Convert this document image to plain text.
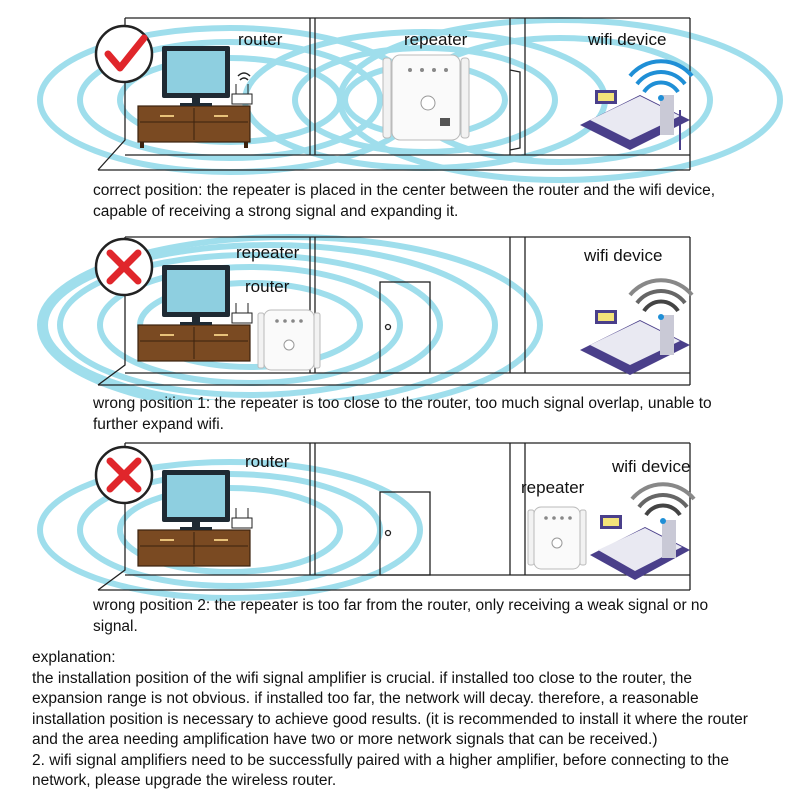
router	repeater	wifi device
correct position: the repeater is placed in the center between the router and the wifi device, capable of receiving a strong signal and expanding it.
repeater
router
wifi device
wrong position 1: the repeater is too close to the router, too much signal overlap, unable to further expand wifi.
router	wifi device
repeater
wrong position 2: the repeater is too far from the router, only receiving a weak signal or no signal.
explanation:
the installation position of the wifi signal amplifier is crucial. if installed too close to the router, the
expansion range is not obvious. if installed too far, the network will decay. therefore, a reasonable
installation position is necessary to achieve good results. (it is recommended to install it where the router
and the area needing amplification have two or more network signals that can be received.)
2. wifi signal amplifiers need to be successfully paired with a higher amplifier, before connecting to the
network, please upgrade the wireless router.
